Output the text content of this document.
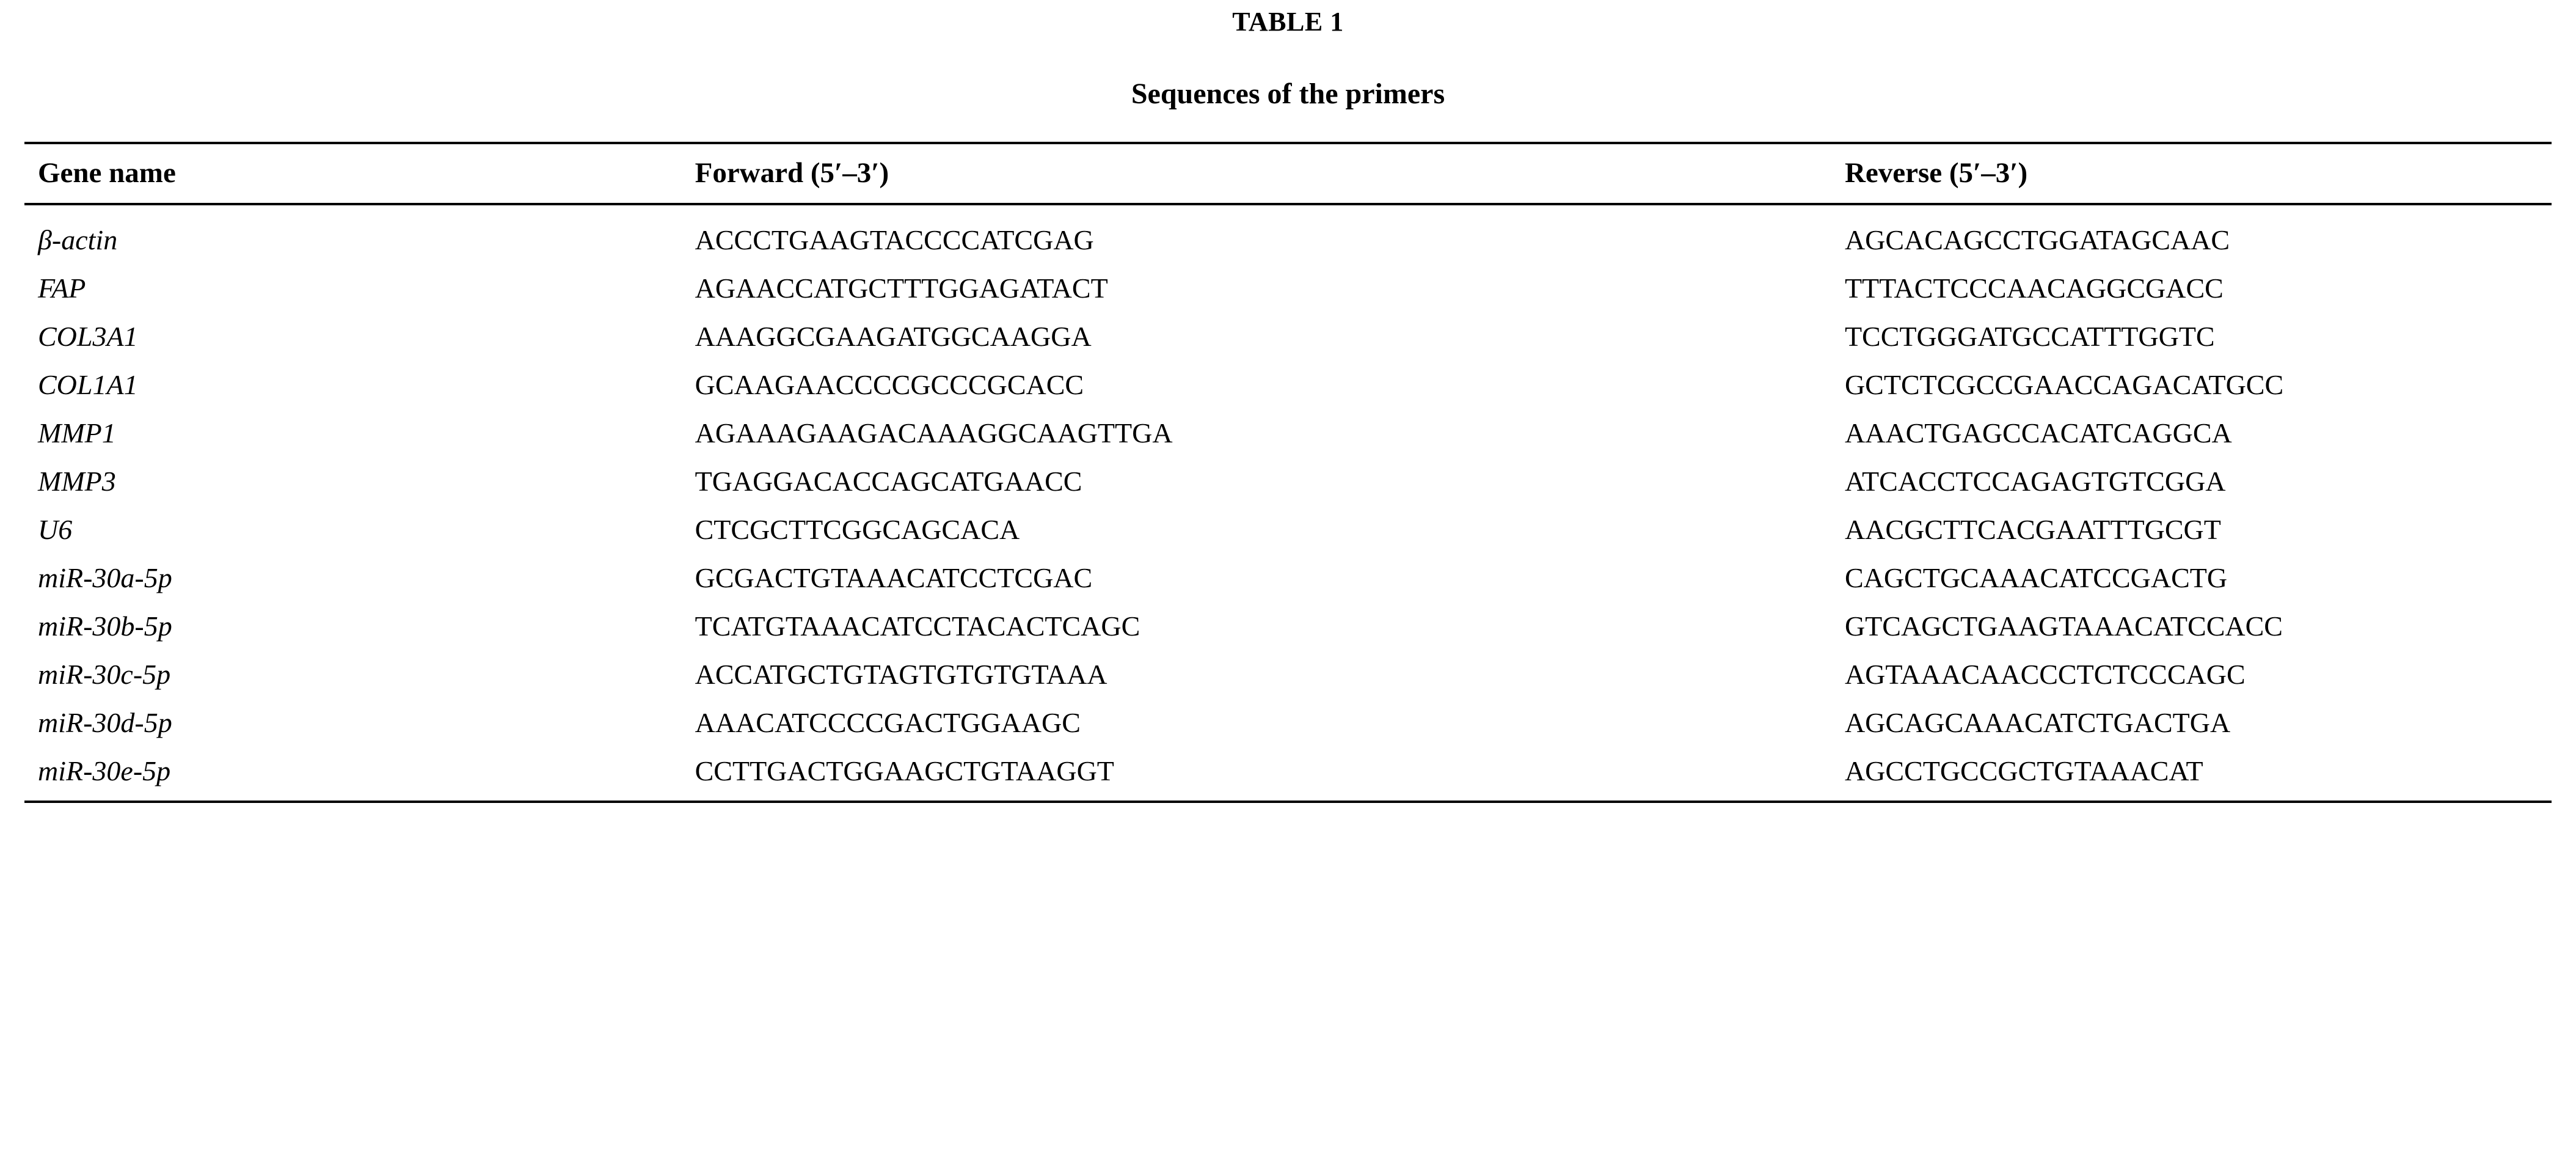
TABLE 1
Sequences of the primers
Gene name	Forward (5′–3′)	Reverse (5′–3′)
β-actin	ACCCTGAAGTACCCCATCGAG	AGCACAGCCTGGATAGCAAC
FAP	AGAACCATGCTTTGGAGATACT	TTTACTCCCAACAGGCGACC
COL3A1	AAAGGCGAAGATGGCAAGGA	TCCTGGGATGCCATTTGGTC
COL1A1	GCAAGAACCCCGCCCGCACC	GCTCTCGCCGAACCAGACATGCC
MMP1	AGAAAGAAGACAAAGGCAAGTTGA	AAACTGAGCCACATCAGGCA
MMP3	TGAGGACACCAGCATGAACC	ATCACCTCCAGAGTGTCGGA
U6	CTCGCTTCGGCAGCACA	AACGCTTCACGAATTTGCGT
miR-30a-5p	GCGACTGTAAACATCCTCGAC	CAGCTGCAAACATCCGACTG
miR-30b-5p	TCATGTAAACATCCTACACTCAGC	GTCAGCTGAAGTAAACATCCACC
miR-30c-5p	ACCATGCTGTAGTGTGTGTAAA	AGTAAACAACCCTCTCCCAGC
miR-30d-5p	AAACATCCCCGACTGGAAGC	AGCAGCAAACATCTGACTGA
miR-30e-5p	CCTTGACTGGAAGCTGTAAGGT	AGCCTGCCGCTGTAAACAT
